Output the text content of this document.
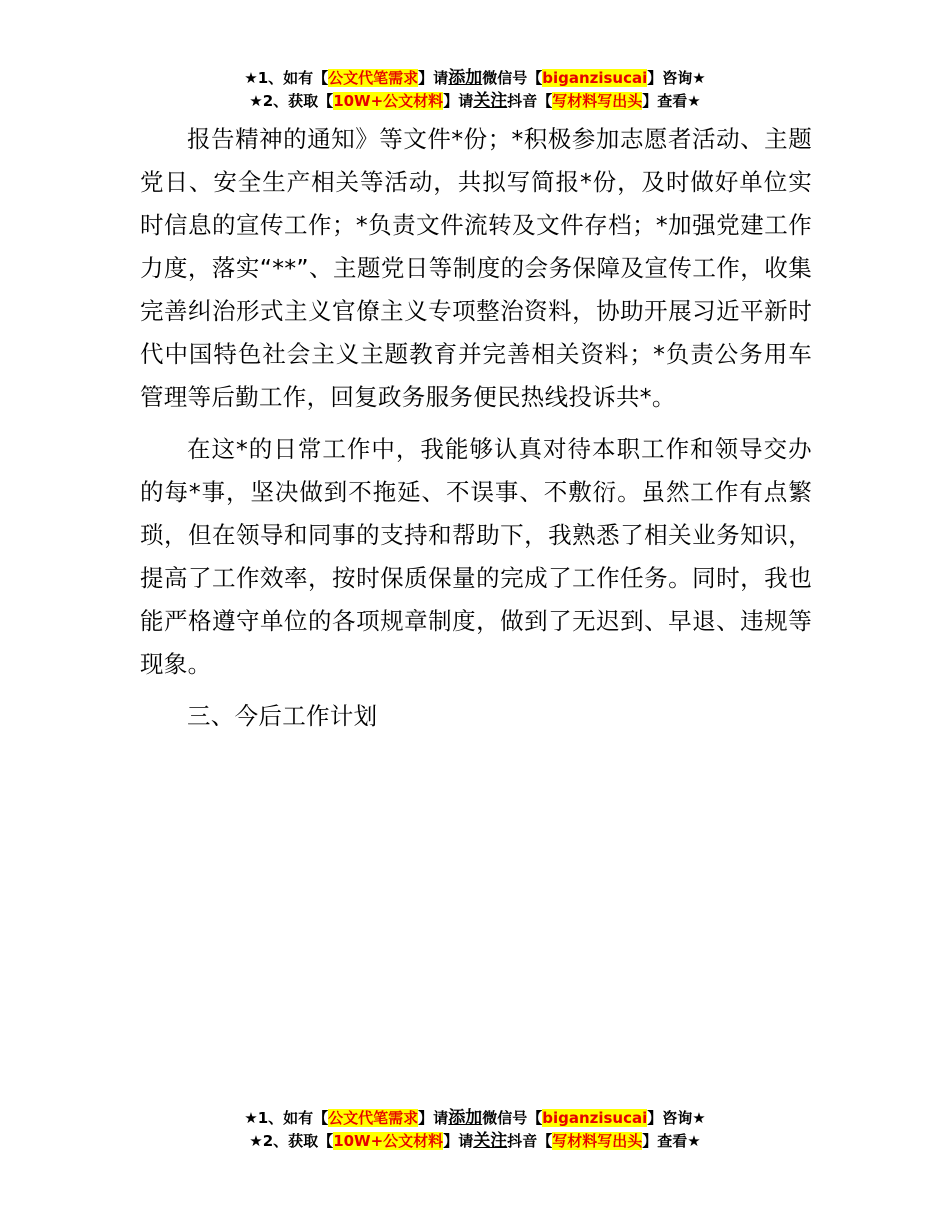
★1、如有【公文代笔需求】请添加微信号【biganzisucai】咨询★
★2、获取【10W+公文材料】请关注抖音【写材料写出头】查看★

报告精神的通知》等文件*份；*积极参加志愿者活动、主题党日、安全生产相关等活动，共拟写简报*份，及时做好单位实时信息的宣传工作；*负责文件流转及文件存档；*加强党建工作力度，落实“**”、主题党日等制度的会务保障及宣传工作，收集完善纠治形式主义官僚主义专项整治资料，协助开展习近平新时代中国特色社会主义主题教育并完善相关资料；*负责公务用车管理等后勤工作，回复政务服务便民热线投诉共*。

在这*的日常工作中，我能够认真对待本职工作和领导交办的每*事，坚决做到不拖延、不误事、不敷衍。虽然工作有点繁琐，但在领导和同事的支持和帮助下，我熟悉了相关业务知识，提高了工作效率，按时保质保量的完成了工作任务。同时，我也能严格遵守单位的各项规章制度，做到了无迟到、早退、违规等现象。

三、今后工作计划

★1、如有【公文代笔需求】请添加微信号【biganzisucai】咨询★
★2、获取【10W+公文材料】请关注抖音【写材料写出头】查看★
